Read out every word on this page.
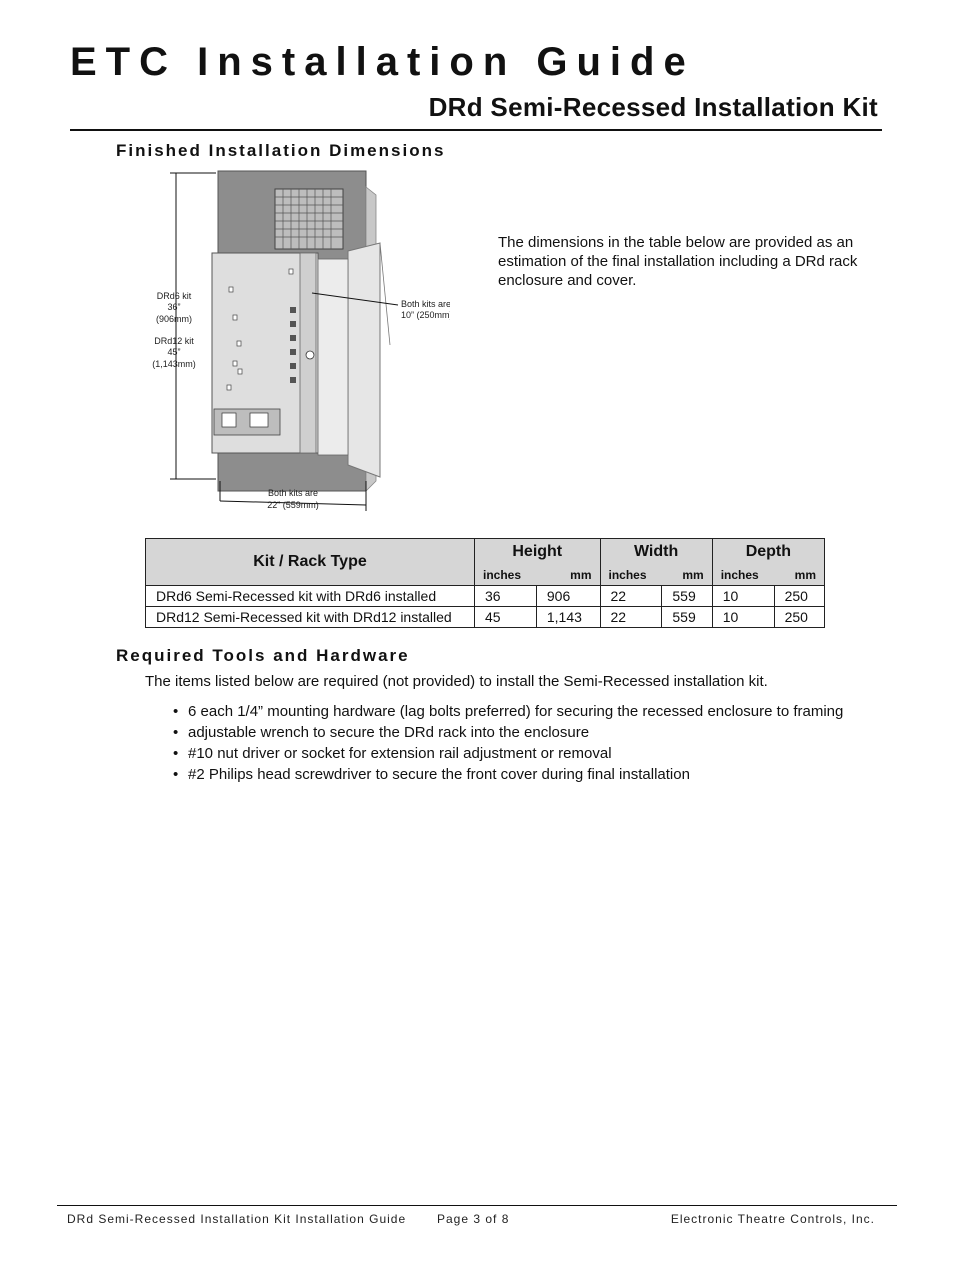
ETC Installation Guide
DRd Semi-Recessed Installation Kit
Finished Installation Dimensions
DRd6 kit
36”
(906mm)
DRd12 kit
45”
(1,143mm)
Both kits are
10” (250mm)
Both kits are
22” (559mm)

The dimensions in the table below are provided as an estimation of the final installation including a DRd rack enclosure and cover.

Kit / Rack Type	Height		Width		Depth	
	inches	mm	inches	mm	inches	mm
DRd6 Semi-Recessed kit with DRd6 installed	36	906	22	559	10	250
DRd12 Semi-Recessed kit with DRd12 installed	45	1,143	22	559	10	250
Required Tools and Hardware

The items listed below are required (not provided) to install the Semi-Recessed installation kit.

• 6 each 1/4” mounting hardware (lag bolts preferred) for securing the recessed enclosure to framing
• adjustable wrench to secure the DRd rack into the enclosure
• #10 nut driver or socket for extension rail adjustment or removal
• #2 Philips head screwdriver to secure the front cover during final installation

DRd Semi-Recessed Installation Kit Installation Guide	Page 3 of 8	Electronic Theatre Controls, Inc.
